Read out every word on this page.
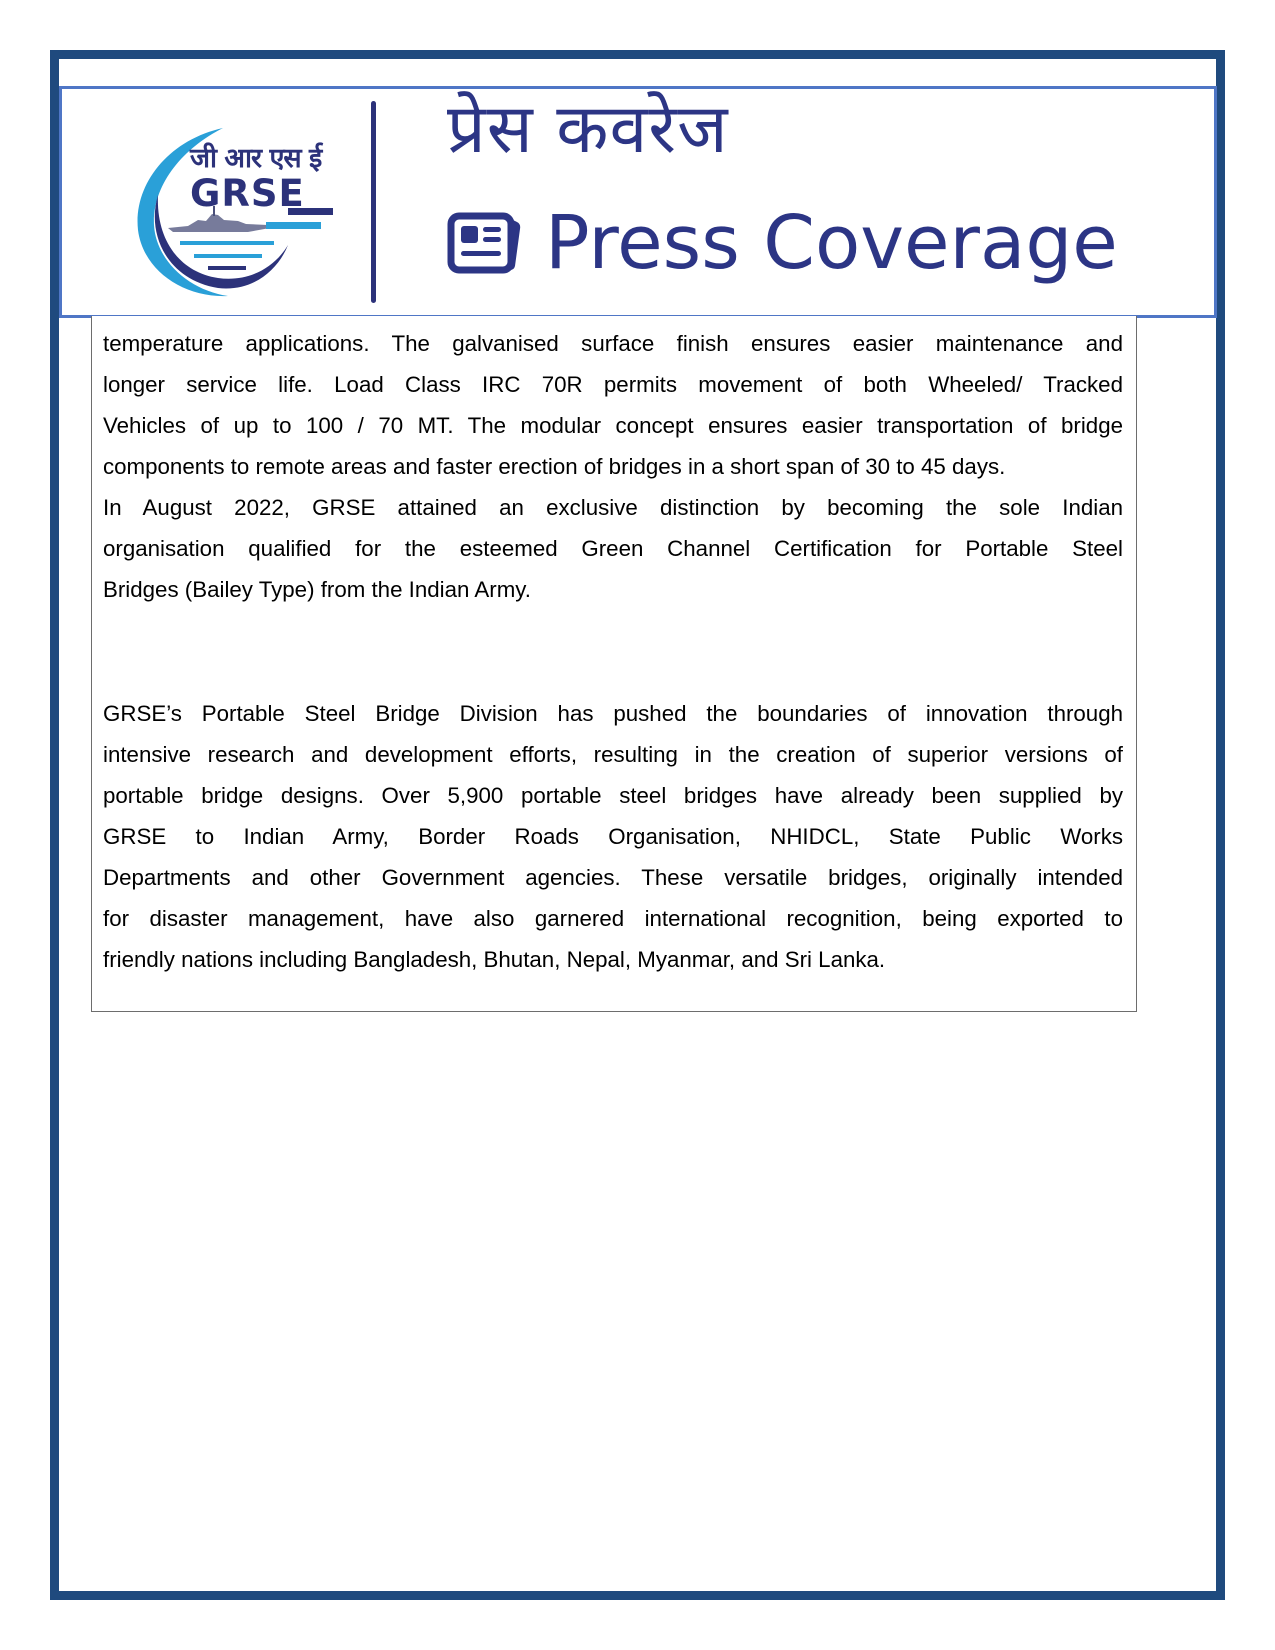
जी आर एस ई
GRSE
प्रेस कवरेज
Press Coverage

temperature applications. The galvanised surface finish ensures easier maintenance and
longer service life. Load Class IRC 70R permits movement of both Wheeled/ Tracked
Vehicles of up to 100 / 70 MT. The modular concept ensures easier transportation of bridge
components to remote areas and faster erection of bridges in a short span of 30 to 45 days.
In August 2022, GRSE attained an exclusive distinction by becoming the sole Indian
organisation qualified for the esteemed Green Channel Certification for Portable Steel
Bridges (Bailey Type) from the Indian Army.

GRSE’s Portable Steel Bridge Division has pushed the boundaries of innovation through
intensive research and development efforts, resulting in the creation of superior versions of
portable bridge designs. Over 5,900 portable steel bridges have already been supplied by
GRSE to Indian Army, Border Roads Organisation, NHIDCL, State Public Works
Departments and other Government agencies. These versatile bridges, originally intended
for disaster management, have also garnered international recognition, being exported to
friendly nations including Bangladesh, Bhutan, Nepal, Myanmar, and Sri Lanka.
